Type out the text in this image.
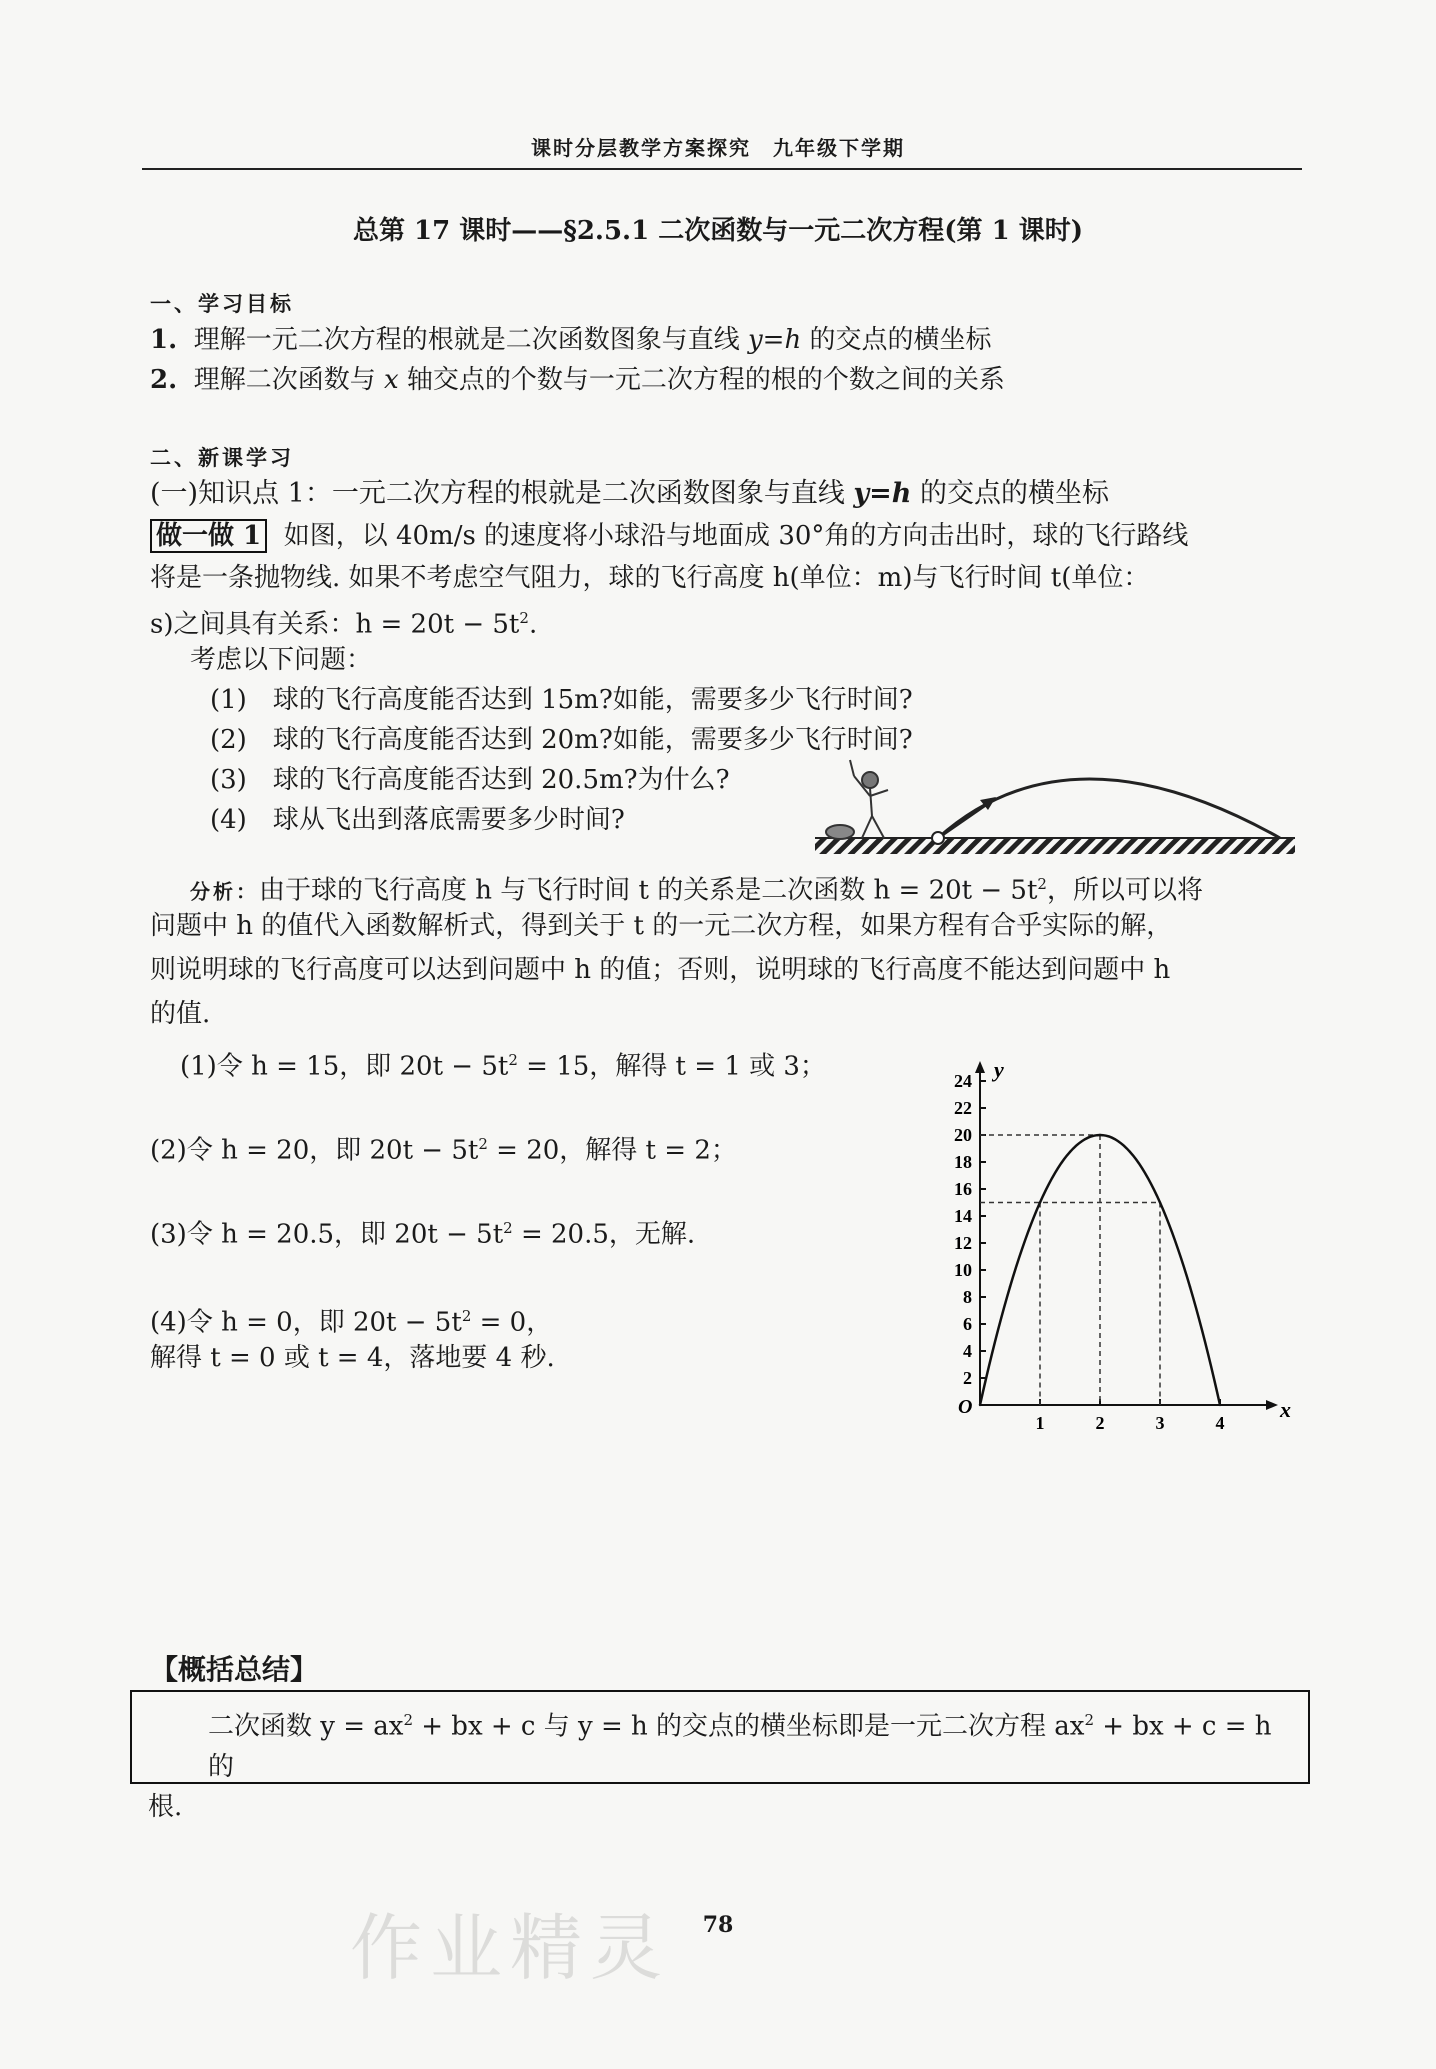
课时分层教学方案探究　九年级下学期
总第 17 课时——§2.5.1 二次函数与一元二次方程(第 1 课时)
一、学习目标
1. 理解一元二次方程的根就是二次函数图象与直线 y=h 的交点的横坐标
2. 理解二次函数与 x 轴交点的个数与一元二次方程的根的个数之间的关系
二、新课学习
(一)知识点 1：一元二次方程的根就是二次函数图象与直线 y=h 的交点的横坐标
做一做 1 如图，以 40m/s 的速度将小球沿与地面成 30°角的方向击出时，球的飞行路线
将是一条抛物线. 如果不考虑空气阻力，球的飞行高度 h(单位：m)与飞行时间 t(单位：
s)之间具有关系：$h = 20t - 5t^2$.
考虑以下问题：
(1)　球的飞行高度能否达到 15m?如能，需要多少飞行时间?
(2)　球的飞行高度能否达到 20m?如能，需要多少飞行时间?
(3)　球的飞行高度能否达到 20.5m?为什么?
(4)　球从飞出到落底需要多少时间?
分析：由于球的飞行高度 h 与飞行时间 t 的关系是二次函数 $h = 20t - 5t^2$，所以可以将
问题中 h 的值代入函数解析式，得到关于 t 的一元二次方程，如果方程有合乎实际的解，
则说明球的飞行高度可以达到问题中 h 的值；否则，说明球的飞行高度不能达到问题中 h
的值.
(1)令 h = 15，即 $20t - 5t^2 = 15$，解得 t = 1 或 3；
(2)令 h = 20，即 $20t - 5t^2 = 20$，解得 t = 2；
(3)令 h = 20.5，即 $20t - 5t^2 = 20.5$，无解.
(4)令 h = 0，即 $20t - 5t^2 = 0$，
解得 t = 0 或 t = 4，落地要 4 秒.
x
y
O
2
4
6
8
10
12
14
16
18
20
22
24
1	2	3	4
【概括总结】
二次函数 $y = ax^2$ + bx + c 与 y = h 的交点的横坐标即是一元二次方程 $ax^2$ + bx + c = h 的
根.
作业精灵	78
